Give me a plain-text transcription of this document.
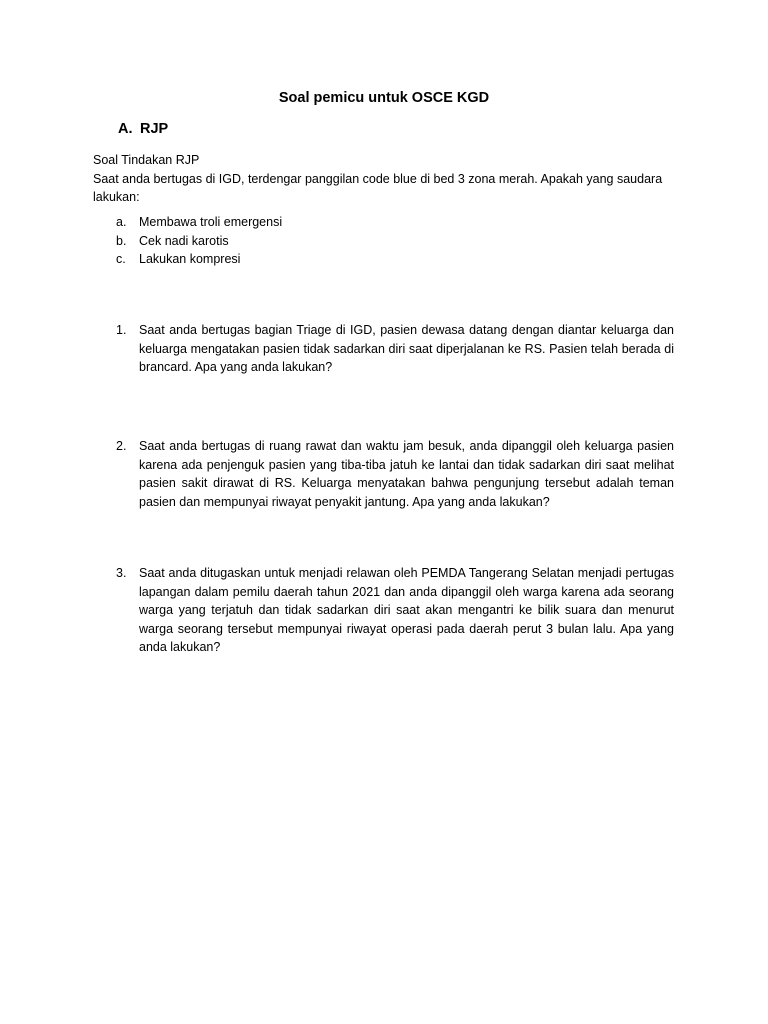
Soal pemicu untuk OSCE KGD
A. RJP
Soal Tindakan RJP
Saat anda bertugas di IGD, terdengar panggilan code blue di bed 3 zona merah. Apakah yang saudara lakukan:
a. Membawa troli emergensi
b. Cek nadi karotis
c. Lakukan kompresi
1. Saat anda bertugas bagian Triage di IGD, pasien dewasa datang dengan diantar keluarga dan keluarga mengatakan pasien tidak sadarkan diri saat diperjalanan ke RS. Pasien telah berada di brancard. Apa yang anda lakukan?
2. Saat anda bertugas di ruang rawat dan waktu jam besuk, anda dipanggil oleh keluarga pasien karena ada penjenguk pasien yang tiba-tiba jatuh ke lantai dan tidak sadarkan diri saat melihat pasien sakit dirawat di RS. Keluarga menyatakan bahwa pengunjung tersebut adalah teman pasien dan mempunyai riwayat penyakit jantung. Apa yang anda lakukan?
3. Saat anda ditugaskan untuk menjadi relawan oleh PEMDA Tangerang Selatan menjadi pertugas lapangan dalam pemilu daerah tahun 2021 dan anda dipanggil oleh warga karena ada seorang warga yang terjatuh dan tidak sadarkan diri saat akan mengantri ke bilik suara dan menurut warga seorang tersebut mempunyai riwayat operasi pada daerah perut 3 bulan lalu. Apa yang anda lakukan?
